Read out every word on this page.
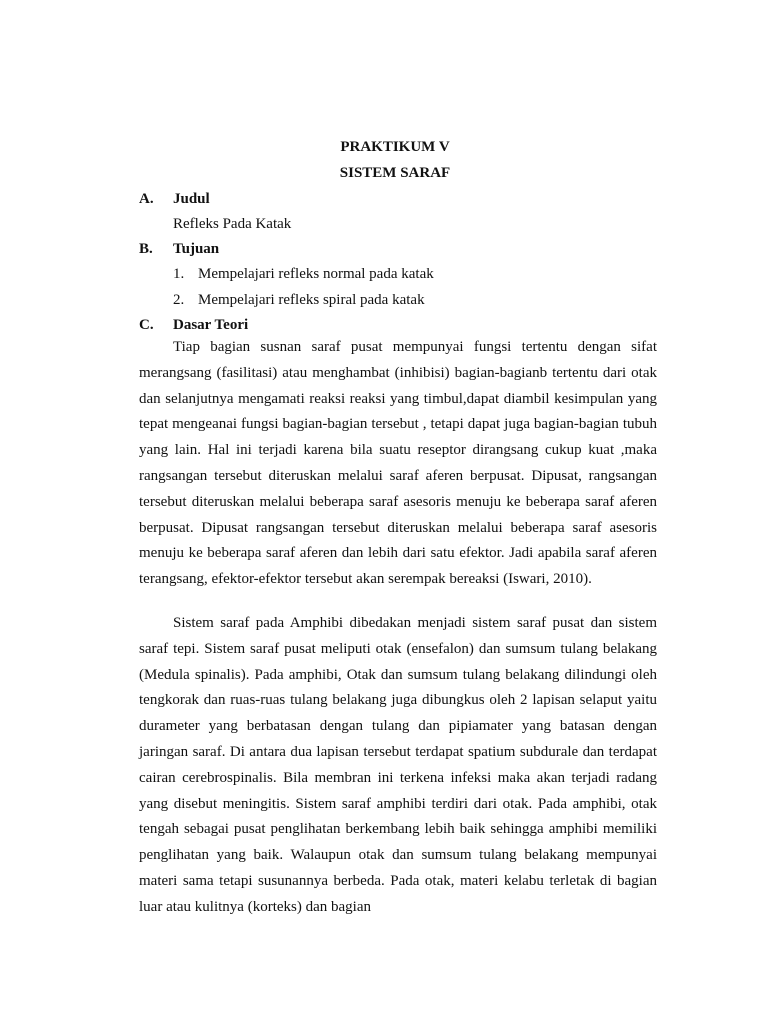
PRAKTIKUM V
SISTEM SARAF
A. Judul
Refleks Pada Katak
B. Tujuan
1. Mempelajari refleks normal pada katak
2. Mempelajari refleks spiral pada katak
C. Dasar Teori

Tiap bagian susnan saraf pusat mempunyai fungsi tertentu dengan sifat merangsang (fasilitasi) atau menghambat (inhibisi) bagian-bagianb tertentu dari otak dan selanjutnya mengamati reaksi reaksi yang timbul,dapat diambil kesimpulan yang tepat mengeanai fungsi bagian-bagian tersebut , tetapi dapat juga bagian-bagian tubuh yang lain. Hal ini terjadi karena bila suatu reseptor dirangsang cukup kuat ,maka rangsangan tersebut diteruskan melalui saraf aferen berpusat. Dipusat, rangsangan tersebut diteruskan melalui beberapa saraf asesoris menuju ke beberapa saraf aferen berpusat. Dipusat rangsangan tersebut diteruskan melalui beberapa saraf asesoris menuju ke beberapa saraf aferen dan lebih dari satu efektor. Jadi apabila saraf aferen terangsang, efektor-efektor tersebut akan serempak bereaksi (Iswari, 2010).

Sistem saraf pada Amphibi dibedakan menjadi sistem saraf pusat dan sistem saraf tepi. Sistem saraf pusat meliputi otak (ensefalon) dan sumsum tulang belakang (Medula spinalis). Pada amphibi, Otak dan sumsum tulang belakang dilindungi oleh tengkorak dan ruas-ruas tulang belakang juga dibungkus oleh 2 lapisan selaput yaitu durameter yang berbatasan dengan tulang dan pipiamater yang batasan dengan jaringan saraf. Di antara dua lapisan tersebut terdapat spatium subdurale dan terdapat cairan cerebrospinalis. Bila membran ini terkena infeksi maka akan terjadi radang yang disebut meningitis. Sistem saraf amphibi terdiri dari otak. Pada amphibi, otak tengah sebagai pusat penglihatan berkembang lebih baik sehingga amphibi memiliki penglihatan yang baik. Walaupun otak dan sumsum tulang belakang mempunyai materi sama tetapi susunannya berbeda. Pada otak, materi kelabu terletak di bagian luar atau kulitnya (korteks) dan bagian
